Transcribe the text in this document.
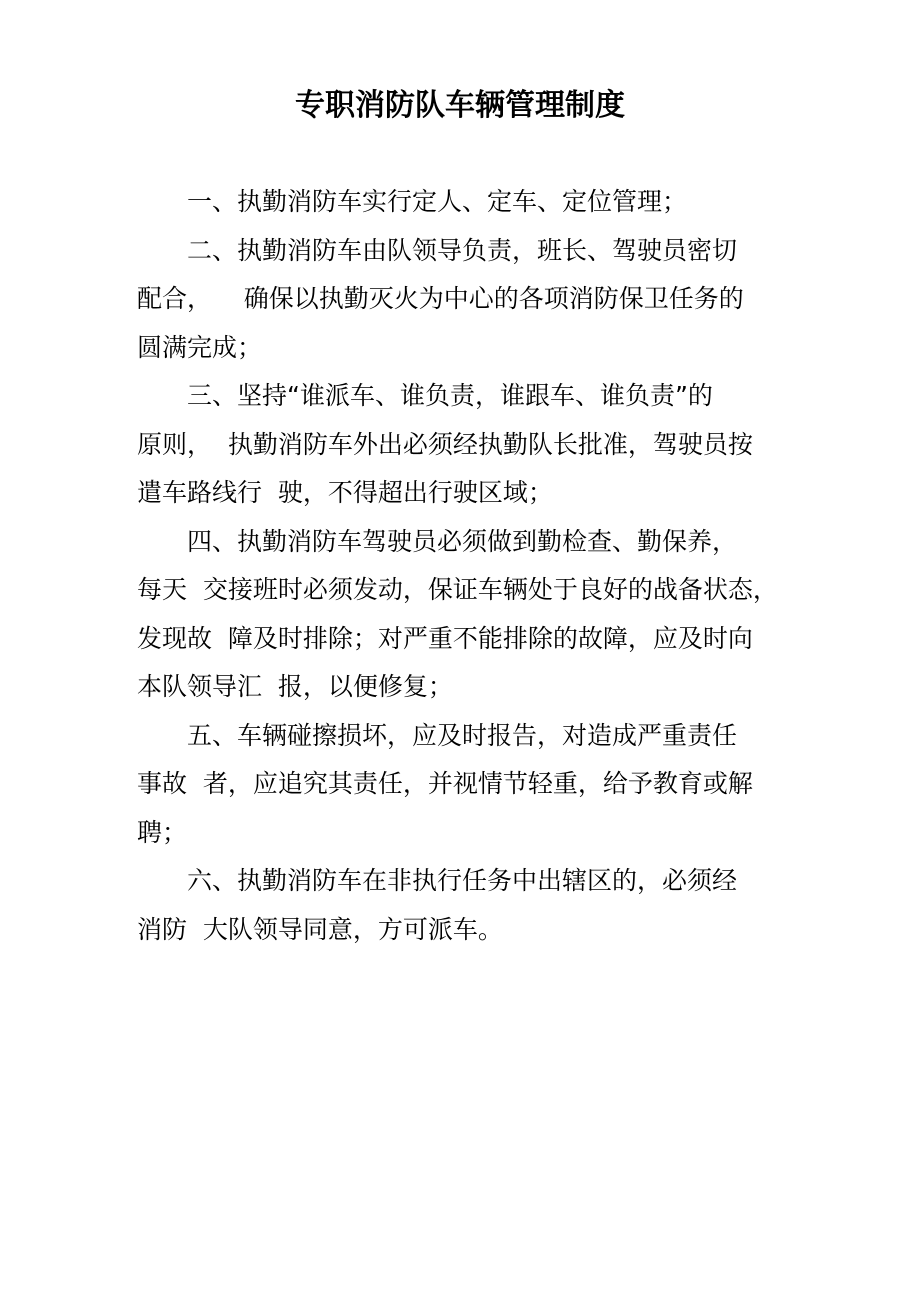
专职消防队车辆管理制度
一、执勤消防车实行定人、定车、定位管理；
二、执勤消防车由队领导负责，班长、驾驶员密切
配合，    确保以执勤灭火为中心的各项消防保卫任务的
圆满完成；
三、坚持“谁派车、谁负责，谁跟车、谁负责”的
原则，  执勤消防车外出必须经执勤队长批准，驾驶员按
遣车路线行  驶，不得超出行驶区域；
四、执勤消防车驾驶员必须做到勤检查、勤保养，
每天  交接班时必须发动，保证车辆处于良好的战备状态，
发现故  障及时排除；对严重不能排除的故障，应及时向
本队领导汇  报，以便修复；
五、车辆碰擦损坏，应及时报告，对造成严重责任
事故  者，应追究其责任，并视情节轻重，给予教育或解
聘；
六、执勤消防车在非执行任务中出辖区的，必须经
消防  大队领导同意，方可派车。
